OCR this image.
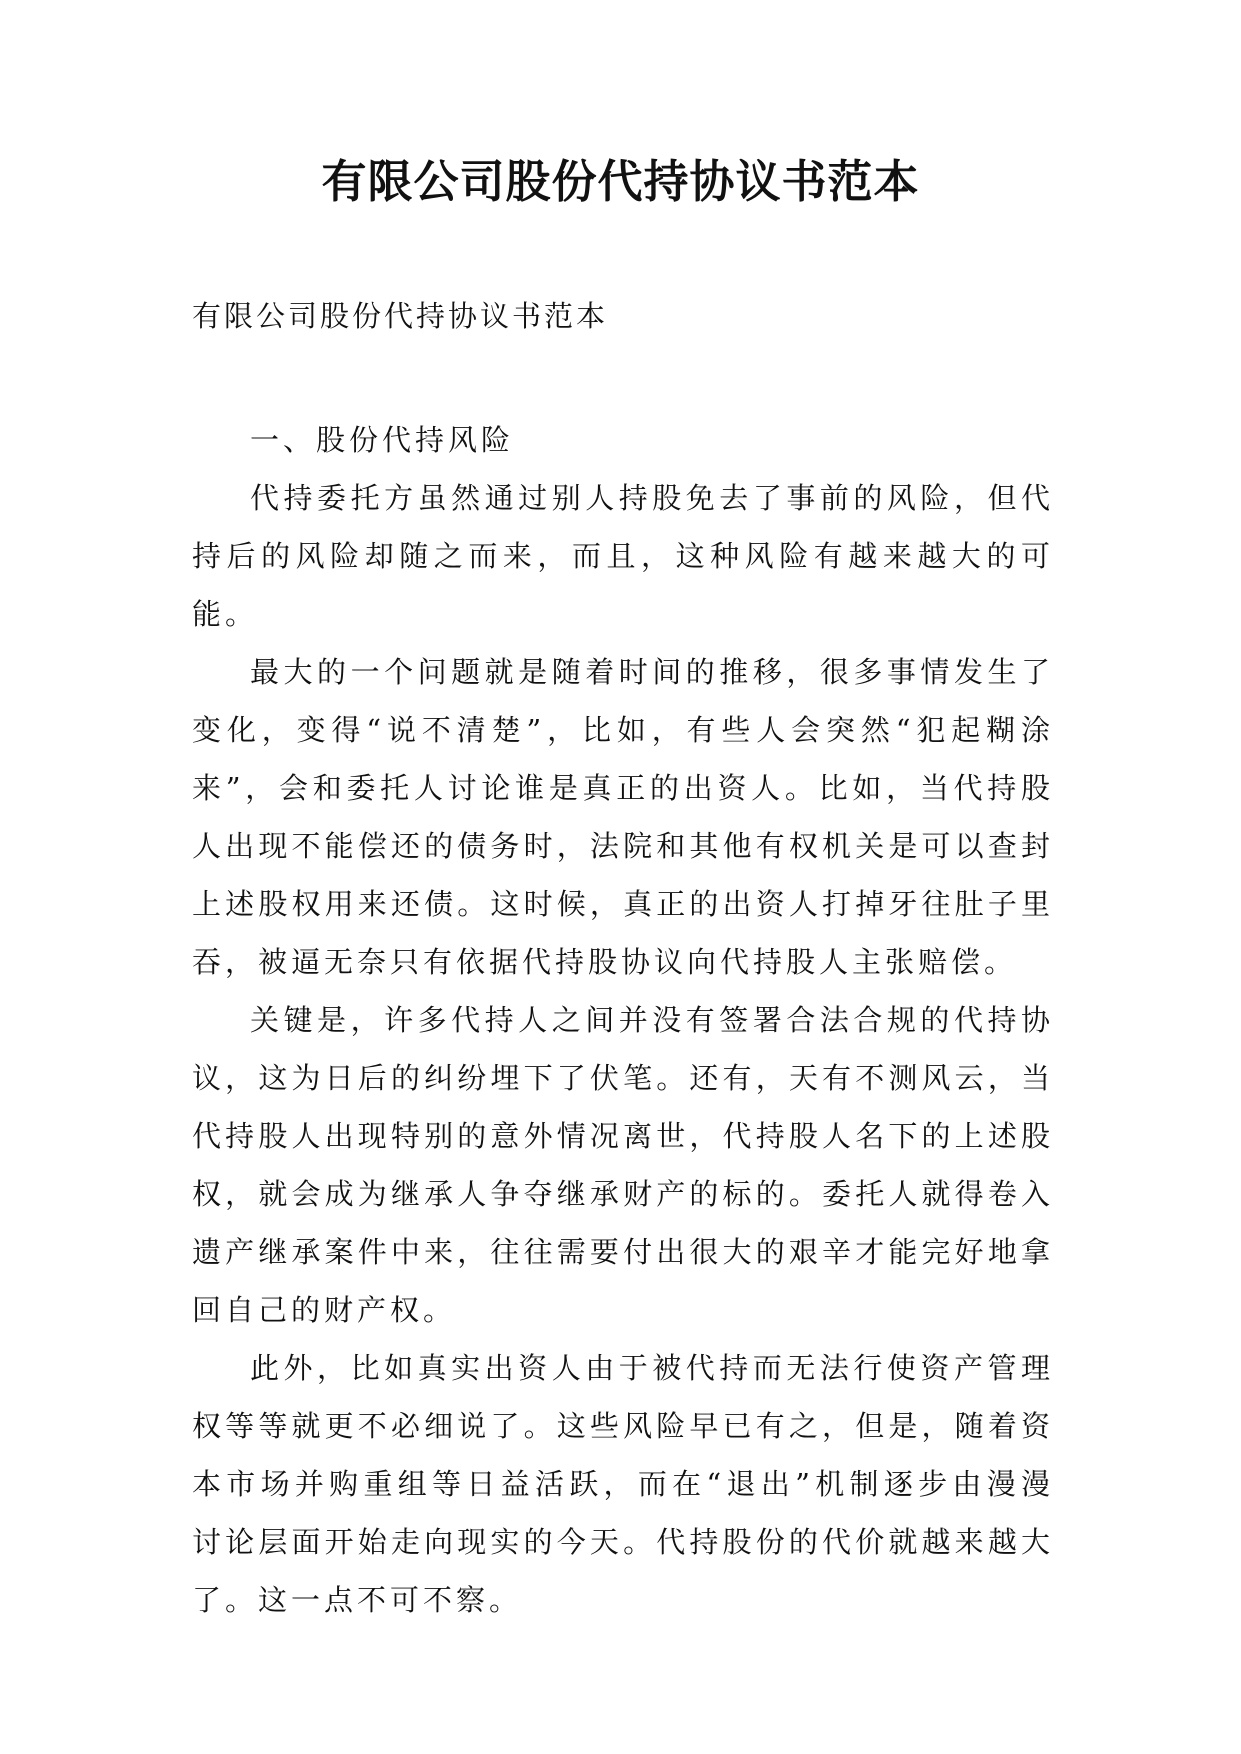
有限公司股份代持协议书范本
有限公司股份代持协议书范本

一、股份代持风险

代持委托方虽然通过别人持股免去了事前的风险，但代持后的风险却随之而来，而且，这种风险有越来越大的可能。

最大的一个问题就是随着时间的推移，很多事情发生了变化，变得“说不清楚”，比如，有些人会突然“犯起糊涂来”，会和委托人讨论谁是真正的出资人。比如，当代持股人出现不能偿还的债务时，法院和其他有权机关是可以查封上述股权用来还债。这时候，真正的出资人打掉牙往肚子里吞，被逼无奈只有依据代持股协议向代持股人主张赔偿。

关键是，许多代持人之间并没有签署合法合规的代持协议，这为日后的纠纷埋下了伏笔。还有，天有不测风云，当代持股人出现特别的意外情况离世，代持股人名下的上述股权，就会成为继承人争夺继承财产的标的。委托人就得卷入遗产继承案件中来，往往需要付出很大的艰辛才能完好地拿回自己的财产权。

此外，比如真实出资人由于被代持而无法行使资产管理权等等就更不必细说了。这些风险早已有之，但是，随着资本市场并购重组等日益活跃，而在“退出”机制逐步由漫漫讨论层面开始走向现实的今天。代持股份的代价就越来越大了。这一点不可不察。
